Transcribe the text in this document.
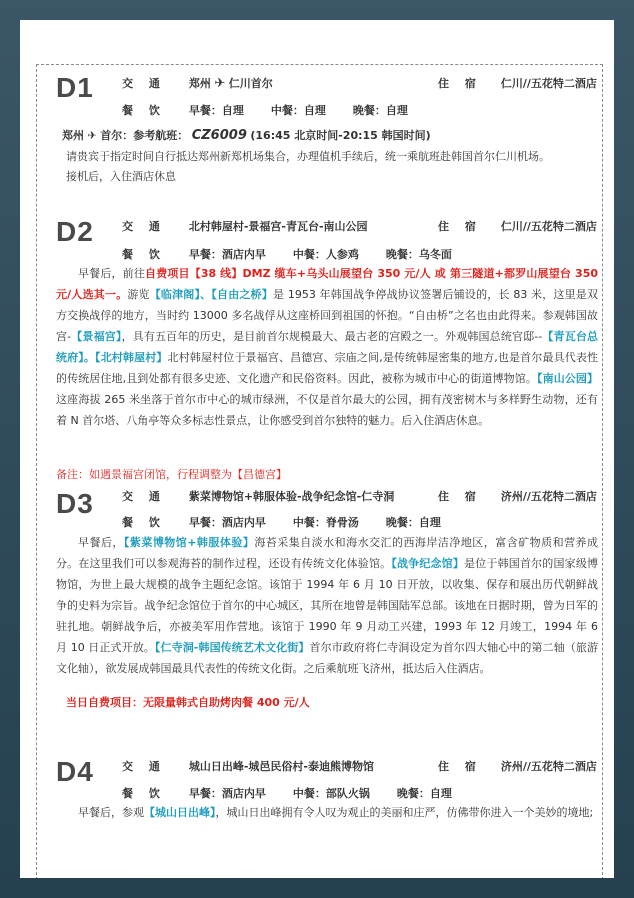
D1	交 通 郑州 ✈ 仁川首尔	住 宿 仁川//五花特二酒店
餐 饮 早餐：自理 中餐：自理 晚餐：自理
郑州 ✈ 首尔：参考航班： CZ6009 (16:45 北京时间-20:15 韩国时间)
请贵宾于指定时间自行抵达郑州新郑机场集合，办理值机手续后，统一乘航班赴韩国首尔仁川机场。
接机后，入住酒店休息
D2	交 通 北村韩屋村-景福宫-青瓦台-南山公园	住 宿 仁川//五花特二酒店
餐 饮 早餐：酒店内早 中餐：人参鸡 晚餐：乌冬面
早餐后，前往自费项目【38 线】DMZ 缆车+乌头山展望台 350 元/人 或 第三隧道+都罗山展望台 350 元/人选其一。游览【临津阁】、【自由之桥】是 1953 年韩国战争停战协议签署后铺设的，长 83 米，这里是双方交换战俘的地方，当时约 13000 多名战俘从这座桥回到祖国的怀抱。“自由桥”之名也由此得来。参观韩国故宫-【景福宫】，具有五百年的历史，是目前首尔规模最大、最古老的宫殿之一。外观韩国总统官邸--【青瓦台总统府】。【北村韩屋村】北村韩屋村位于景福宫、昌德宫、宗庙之间,是传统韩屋密集的地方,也是首尔最具代表性的传统居住地,且到处都有很多史迹、文化遗产和民俗资料。因此，被称为城市中心的街道博物馆。【南山公园】这座海拔 265 米坐落于首尔市中心的城市绿洲，不仅是首尔最大的公园，拥有茂密树木与多样野生动物，还有着 N 首尔塔、八角亭等众多标志性景点，让你感受到首尔独特的魅力。后入住酒店休息。
备注：如遇景福宫闭馆，行程调整为【昌德宫】
D3	交 通 紫菜博物馆+韩服体验-战争纪念馆-仁寺洞	住 宿 济州//五花特二酒店
餐 饮 早餐：酒店内早 中餐：脊骨汤 晚餐：自理
早餐后，【紫菜博物馆+韩服体验】海苔采集自淡水和海水交汇的西海岸洁净地区，富含矿物质和营养成分。在这里我们可以参观海苔的制作过程，还设有传统文化体验馆。【战争纪念馆】是位于韩国首尔的国家级博物馆，为世上最大规模的战争主题纪念馆。该馆于 1994 年 6 月 10 日开放，以收集、保存和展出历代朝鲜战争的史料为宗旨。战争纪念馆位于首尔的中心城区，其所在地曾是韩国陆军总部。该地在日据时期，曾为日军的驻扎地。朝鲜战争后，亦被美军用作营地。该馆于 1990 年 9 月动工兴建，1993 年 12 月竣工，1994 年 6 月 10 日正式开放。【仁寺洞-韩国传统艺术文化街】首尔市政府将仁寺洞设定为首尔四大轴心中的第二轴（旅游文化轴），欲发展成韩国最具代表性的传统文化街。之后乘航班飞济州，抵达后入住酒店。
当日自费项目：无限量韩式自助烤肉餐 400 元/人
D4	交 通 城山日出峰-城邑民俗村-泰迪熊博物馆	住 宿 济州//五花特二酒店
餐 饮 早餐：酒店内早 中餐：部队火锅 晚餐：自理
早餐后，参观【城山日出峰】，城山日出峰拥有令人叹为观止的美丽和庄严，仿佛带你进入一个美妙的境地;
